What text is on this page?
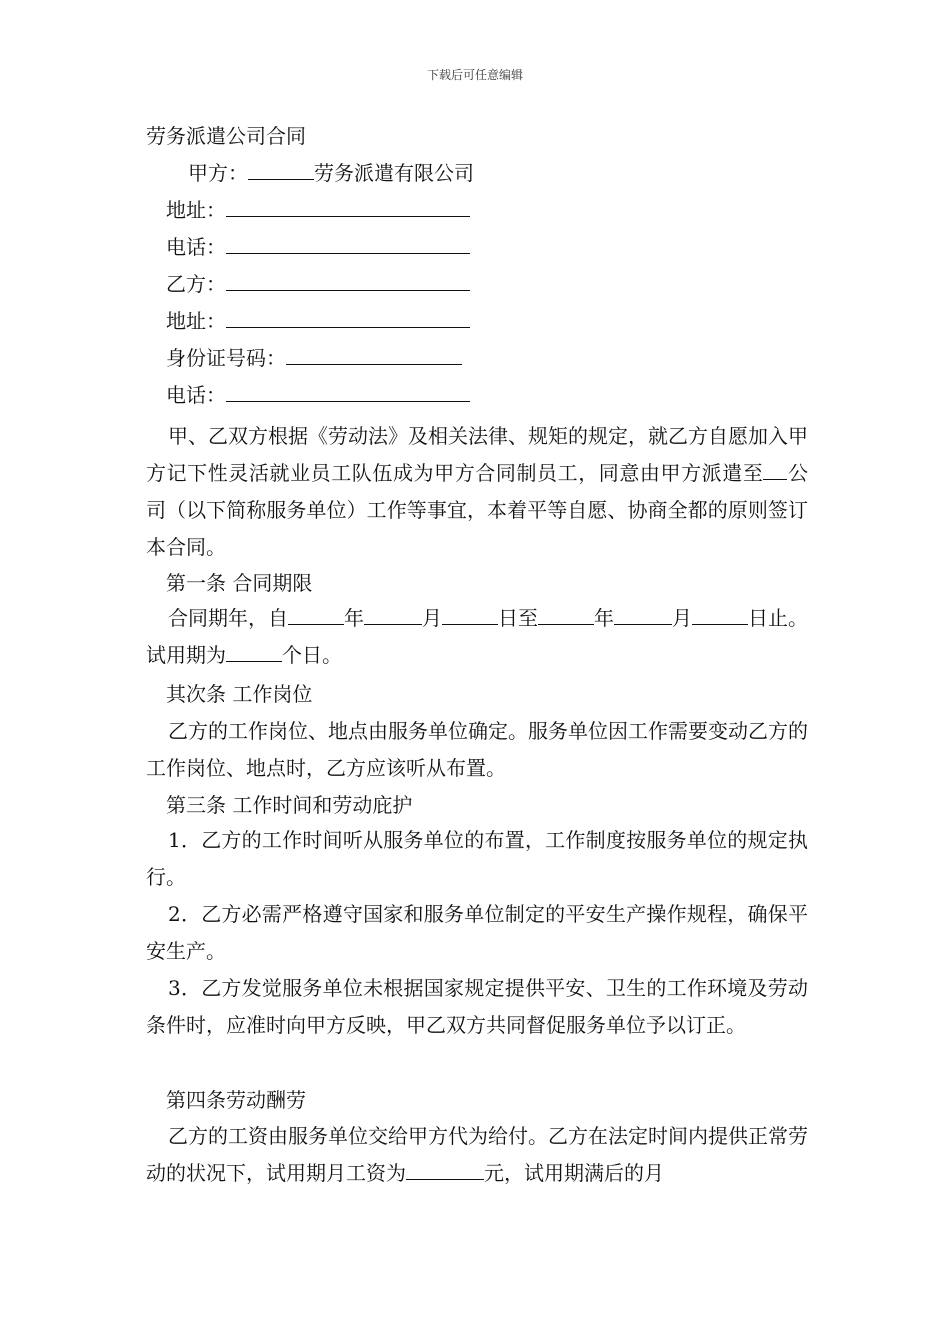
下载后可任意编辑
劳务派遣公司合同
甲方：	劳务派遣有限公司
地址：
电话：
乙方：
地址：
身份证号码：
电话：
甲、乙双方根据《劳动法》及相关法律、规矩的规定，就乙方自愿加入甲方记下性灵活就业员工队伍成为甲方合同制员工，同意由甲方派遣至 公司（以下简称服务单位）工作等事宜，本着平等自愿、协商全都的原则签订本合同。
第一条 合同期限
合同期年，自	年	月	日至	年	月	日止。试用期为	个日。
其次条 工作岗位
乙方的工作岗位、地点由服务单位确定。服务单位因工作需要变动乙方的工作岗位、地点时，乙方应该听从布置。
第三条 工作时间和劳动庇护
1．乙方的工作时间听从服务单位的布置，工作制度按服务单位的规定执行。
2．乙方必需严格遵守国家和服务单位制定的平安生产操作规程，确保平安生产。
3．乙方发觉服务单位未根据国家规定提供平安、卫生的工作环境及劳动条件时，应准时向甲方反映，甲乙双方共同督促服务单位予以订正。
第四条劳动酬劳
乙方的工资由服务单位交给甲方代为给付。乙方在法定时间内提供正常劳动的状况下，试用期月工资为	元，试用期满后的月
